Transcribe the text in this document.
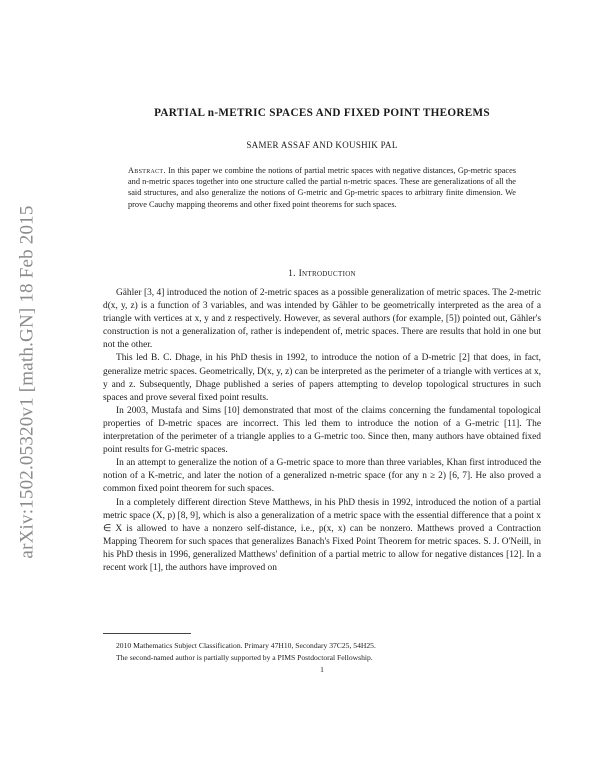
arXiv:1502.05320v1 [math.GN] 18 Feb 2015
PARTIAL n-METRIC SPACES AND FIXED POINT THEOREMS
SAMER ASSAF AND KOUSHIK PAL
Abstract. In this paper we combine the notions of partial metric spaces with negative distances, Gp-metric spaces and n-metric spaces together into one structure called the partial n-metric spaces. These are generalizations of all the said structures, and also generalize the notions of G-metric and Gp-metric spaces to arbitrary finite dimension. We prove Cauchy mapping theorems and other fixed point theorems for such spaces.
1. Introduction

Gähler [3, 4] introduced the notion of 2-metric spaces as a possible generalization of metric spaces. The 2-metric d(x, y, z) is a function of 3 variables, and was intended by Gähler to be geometrically interpreted as the area of a triangle with vertices at x, y and z respectively. However, as several authors (for example, [5]) pointed out, Gähler's construction is not a generalization of, rather is independent of, metric spaces. There are results that hold in one but not the other.

This led B. C. Dhage, in his PhD thesis in 1992, to introduce the notion of a D-metric [2] that does, in fact, generalize metric spaces. Geometrically, D(x, y, z) can be interpreted as the perimeter of a triangle with vertices at x, y and z. Subsequently, Dhage published a series of papers attempting to develop topological structures in such spaces and prove several fixed point results.

In 2003, Mustafa and Sims [10] demonstrated that most of the claims concerning the fundamental topological properties of D-metric spaces are incorrect. This led them to introduce the notion of a G-metric [11]. The interpretation of the perimeter of a triangle applies to a G-metric too. Since then, many authors have obtained fixed point results for G-metric spaces.

In an attempt to generalize the notion of a G-metric space to more than three variables, Khan first introduced the notion of a K-metric, and later the notion of a generalized n-metric space (for any n ≥ 2) [6, 7]. He also proved a common fixed point theorem for such spaces.

In a completely different direction Steve Matthews, in his PhD thesis in 1992, introduced the notion of a partial metric space (X, p) [8, 9], which is also a generalization of a metric space with the essential difference that a point x ∈ X is allowed to have a nonzero self-distance, i.e., p(x, x) can be nonzero. Matthews proved a Contraction Mapping Theorem for such spaces that generalizes Banach's Fixed Point Theorem for metric spaces. S. J. O'Neill, in his PhD thesis in 1996, generalized Matthews' definition of a partial metric to allow for negative distances [12]. In a recent work [1], the authors have improved on

2010 Mathematics Subject Classification. Primary 47H10, Secondary 37C25, 54H25.

The second-named author is partially supported by a PIMS Postdoctoral Fellowship.

1
